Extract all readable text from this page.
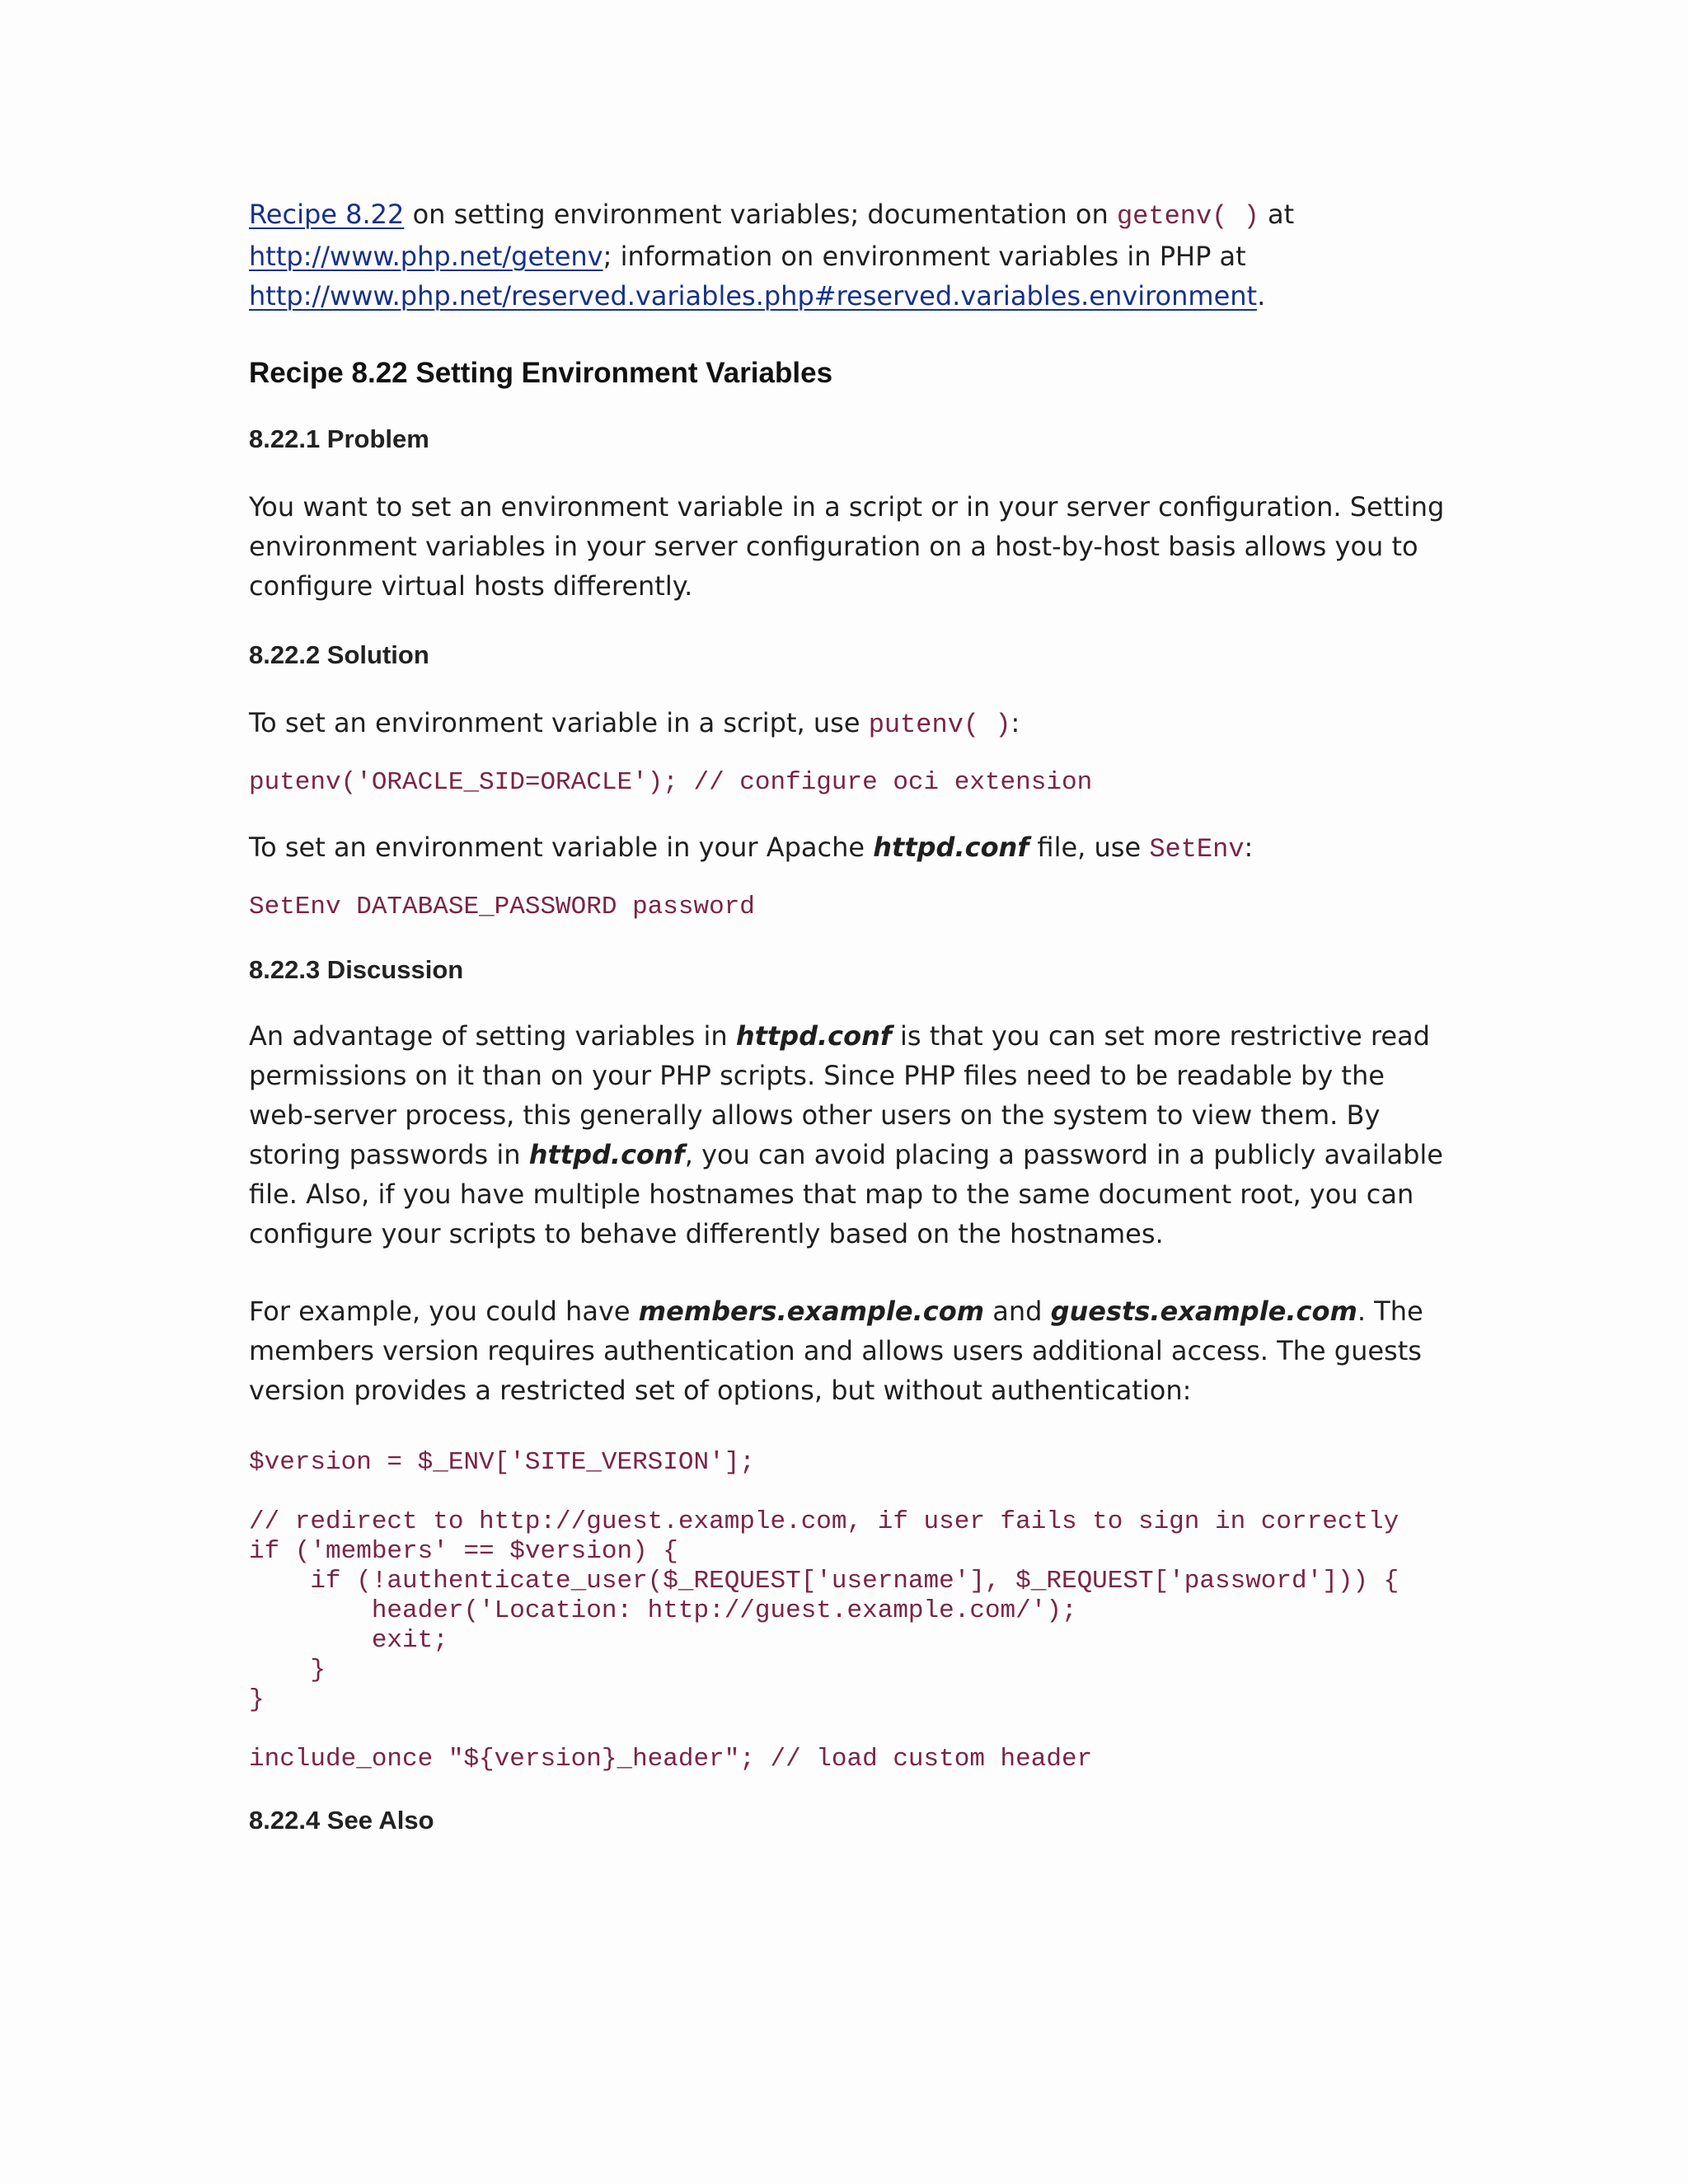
Recipe 8.22 on setting environment variables; documentation on getenv( ) at
http://www.php.net/getenv; information on environment variables in PHP at
http://www.php.net/reserved.variables.php#reserved.variables.environment.

Recipe 8.22 Setting Environment Variables
8.22.1 Problem

You want to set an environment variable in a script or in your server configuration. Setting environment variables in your server configuration on a host-by-host basis allows you to configure virtual hosts differently.

8.22.2 Solution

To set an environment variable in a script, use putenv( ):

putenv('ORACLE_SID=ORACLE'); // configure oci extension

To set an environment variable in your Apache httpd.conf file, use SetEnv:

SetEnv DATABASE_PASSWORD password
8.22.3 Discussion

An advantage of setting variables in httpd.conf is that you can set more restrictive read permissions on it than on your PHP scripts. Since PHP files need to be readable by the web-server process, this generally allows other users on the system to view them. By storing passwords in httpd.conf, you can avoid placing a password in a publicly available file. Also, if you have multiple hostnames that map to the same document root, you can configure your scripts to behave differently based on the hostnames.

For example, you could have members.example.com and guests.example.com. The members version requires authentication and allows users additional access. The guests version provides a restricted set of options, but without authentication:

$version = $_ENV['SITE_VERSION'];
// redirect to http://guest.example.com, if user fails to sign in correctly
if ('members' == $version) {
if (!authenticate_user($_REQUEST['username'], $_REQUEST['password'])) {
header('Location: http://guest.example.com/');
exit;
}
}
include_once "${version}_header"; // load custom header
8.22.4 See Also
